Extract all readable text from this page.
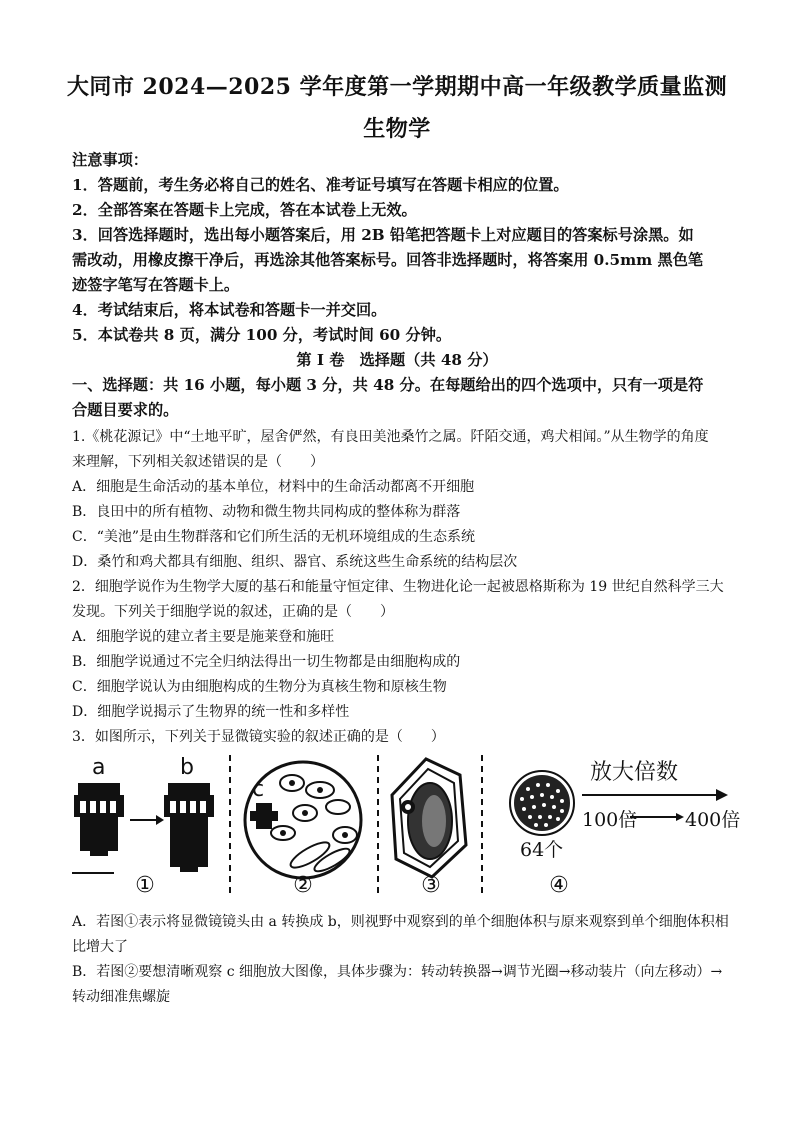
大同市 2024—2025 学年度第一学期期中高一年级教学质量监测
生物学
注意事项：
1．答题前，考生务必将自己的姓名、准考证号填写在答题卡相应的位置。
2．全部答案在答题卡上完成，答在本试卷上无效。
3．回答选择题时，选出每小题答案后，用 2B 铅笔把答题卡上对应题目的答案标号涂黑。如
需改动，用橡皮擦干净后，再选涂其他答案标号。回答非选择题时，将答案用 0.5mm 黑色笔
迹签字笔写在答题卡上。
4．考试结束后，将本试卷和答题卡一并交回。
5．本试卷共 8 页，满分 100 分，考试时间 60 分钟。
第 I 卷　选择题（共 48 分）
一、选择题：共 16 小题，每小题 3 分，共 48 分。在每题给出的四个选项中，只有一项是符
合题目要求的。
1.《桃花源记》中“土地平旷，屋舍俨然，有良田美池桑竹之属。阡陌交通，鸡犬相闻。”从生物学的角度
来理解，下列相关叙述错误的是（　　）
A．细胞是生命活动的基本单位，材料中的生命活动都离不开细胞
B．良田中的所有植物、动物和微生物共同构成的整体称为群落
C．“美池”是由生物群落和它们所生活的无机环境组成的生态系统
D．桑竹和鸡犬都具有细胞、组织、器官、系统这些生命系统的结构层次
2．细胞学说作为生物学大厦的基石和能量守恒定律、生物进化论一起被恩格斯称为 19 世纪自然科学三大
发现。下列关于细胞学说的叙述，正确的是（　　）
A．细胞学说的建立者主要是施莱登和施旺
B．细胞学说通过不完全归纳法得出一切生物都是由细胞构成的
C．细胞学说认为由细胞构成的生物分为真核生物和原核生物
D．细胞学说揭示了生物界的统一性和多样性
3．如图所示，下列关于显微镜实验的叙述正确的是（　　）
a	b
c
①	②	③	④
放大倍数
100倍	400倍
64个
A．若图①表示将显微镜镜头由 a 转换成 b，则视野中观察到的单个细胞体积与原来观察到单个细胞体积相
比增大了
B．若图②要想清晰观察 c 细胞放大图像，具体步骤为：转动转换器→调节光圈→移动装片（向左移动）→
转动细准焦螺旋
